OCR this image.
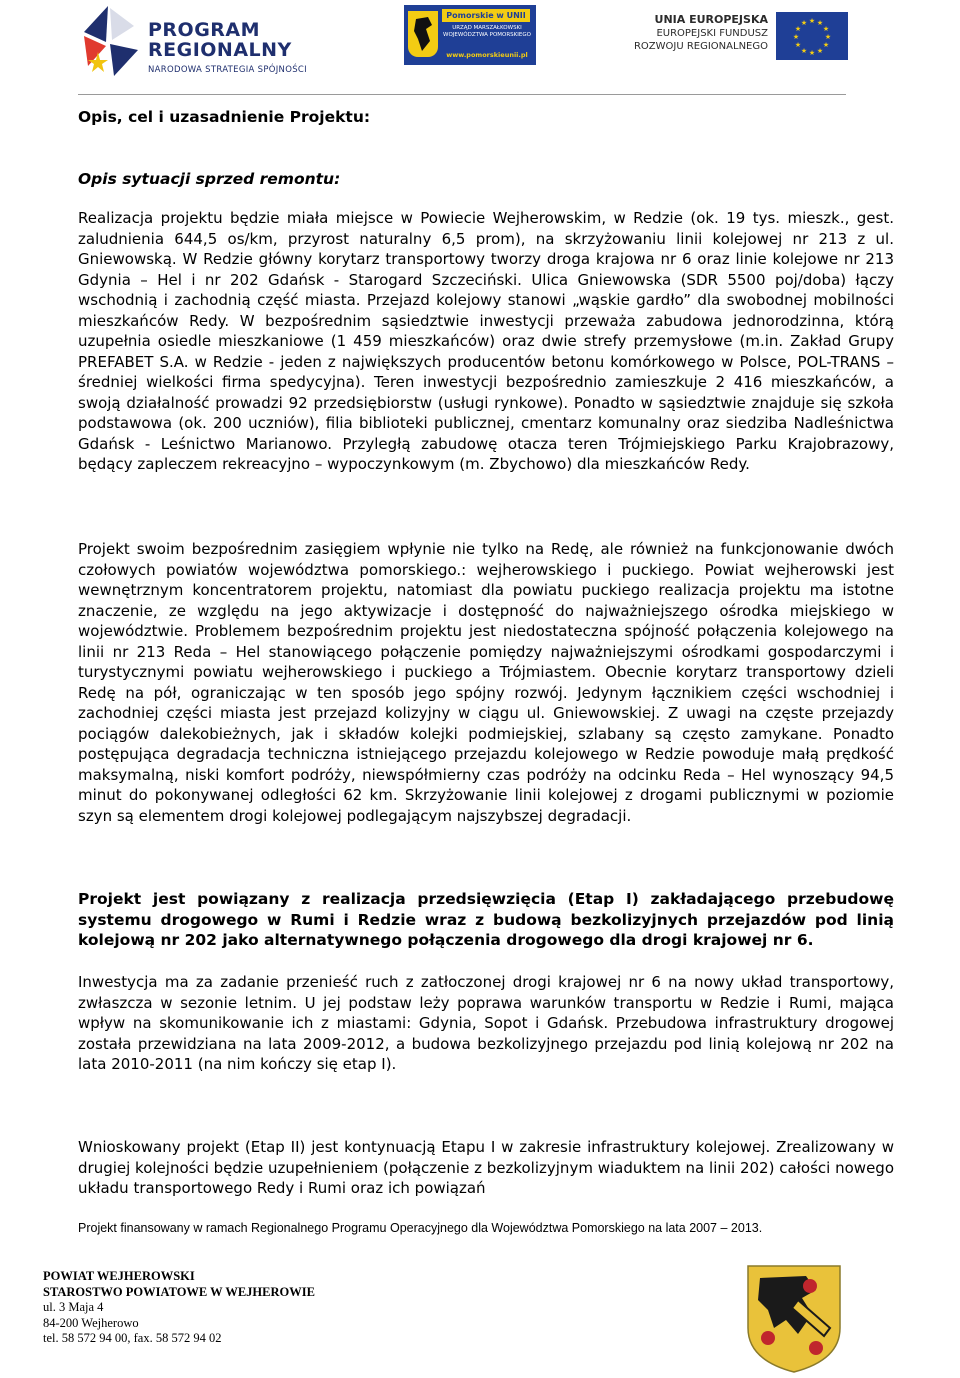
PROGRAM
REGIONALNY
NARODOWA STRATEGIA SPÓJNOŚCI
Pomorskie w UNII
URZĄD MARSZAŁKOWSKI WOJEWÓDZTWA POMORSKIEGO
www.pomorskieunii.pl
UNIA EUROPEJSKA
EUROPEJSKI FUNDUSZ
ROZWOJU REGIONALNEGO
★ ★
★
★
★
★
★
★
★
★
★
★
Opis, cel i uzasadnienie Projektu:
Opis sytuacji sprzed remontu:

Realizacja projektu będzie miała miejsce w Powiecie Wejherowskim, w Redzie (ok. 19 tys. mieszk., gest. zaludnienia 644,5 os/km, przyrost naturalny 6,5 prom), na skrzyżowaniu linii kolejowej nr 213 z ul. Gniewowską. W Redzie główny korytarz transportowy tworzy droga krajowa nr 6 oraz linie kolejowe nr 213 Gdynia – Hel i nr 202 Gdańsk - Starogard Szczeciński. Ulica Gniewowska (SDR 5500 poj/doba) łączy wschodnią i zachodnią część miasta. Przejazd kolejowy stanowi „wąskie gardło” dla swobodnej mobilności mieszkańców Redy. W bezpośrednim sąsiedztwie inwestycji przeważa zabudowa jednorodzinna, którą uzupełnia osiedle mieszkaniowe (1 459 mieszkańców) oraz dwie strefy przemysłowe (m.in. Zakład Grupy PREFABET S.A. w Redzie - jeden z największych producentów betonu komórkowego w Polsce, POL-TRANS – średniej wielkości firma spedycyjna). Teren inwestycji bezpośrednio zamieszkuje 2 416 mieszkańców, a swoją działalność prowadzi 92 przedsiębiorstw (usługi rynkowe). Ponadto w sąsiedztwie znajduje się szkoła podstawowa (ok. 200 uczniów), filia biblioteki publicznej, cmentarz komunalny oraz siedziba Nadleśnictwa Gdańsk - Leśnictwo Marianowo. Przyległą zabudowę otacza teren Trójmiejskiego Parku Krajobrazowy, będący zapleczem rekreacyjno – wypoczynkowym (m. Zbychowo) dla mieszkańców Redy.

Projekt swoim bezpośrednim zasięgiem wpłynie nie tylko na Redę, ale również na funkcjonowanie dwóch czołowych powiatów województwa pomorskiego.: wejherowskiego i puckiego. Powiat wejherowski jest wewnętrznym koncentratorem projektu, natomiast dla powiatu puckiego realizacja projektu ma istotne znaczenie, ze względu na jego aktywizacje i dostępność do najważniejszego ośrodka miejskiego w województwie. Problemem bezpośrednim projektu jest niedostateczna spójność połączenia kolejowego na linii nr 213 Reda – Hel stanowiącego połączenie pomiędzy najważniejszymi ośrodkami gospodarczymi i turystycznymi powiatu wejherowskiego i puckiego a Trójmiastem. Obecnie korytarz transportowy dzieli Redę na pół, ograniczając w ten sposób jego spójny rozwój. Jedynym łącznikiem części wschodniej i zachodniej części miasta jest przejazd kolizyjny w ciągu ul. Gniewowskiej. Z uwagi na częste przejazdy pociągów dalekobieżnych, jak i składów kolejki podmiejskiej, szlabany są często zamykane. Ponadto postępująca degradacja techniczna istniejącego przejazdu kolejowego w Redzie powoduje małą prędkość maksymalną, niski komfort podróży, niewspółmierny czas podróży na odcinku Reda – Hel wynoszący 94,5 minut do pokonywanej odległości 62 km. Skrzyżowanie linii kolejowej z drogami publicznymi w poziomie szyn są elementem drogi kolejowej podlegającym najszybszej degradacji.

Projekt jest powiązany z realizacja przedsięwzięcia (Etap I) zakładającego przebudowę systemu drogowego w Rumi i Redzie wraz z budową bezkolizyjnych przejazdów pod linią kolejową nr 202 jako alternatywnego połączenia drogowego dla drogi krajowej nr 6.

Inwestycja ma za zadanie przenieść ruch z zatłoczonej drogi krajowej nr 6 na nowy układ transportowy, zwłaszcza w sezonie letnim. U jej podstaw leży poprawa warunków transportu w Redzie i Rumi, mająca wpływ na skomunikowanie ich z miastami: Gdynia, Sopot i Gdańsk. Przebudowa infrastruktury drogowej została przewidziana na lata 2009-2012, a budowa bezkolizyjnego przejazdu pod linią kolejową nr 202 na lata 2010-2011 (na nim kończy się etap I).

Wnioskowany projekt (Etap II) jest kontynuacją Etapu I w zakresie infrastruktury kolejowej. Zrealizowany w drugiej kolejności będzie uzupełnieniem (połączenie z bezkolizyjnym wiaduktem na linii 202) całości nowego układu transportowego Redy i Rumi oraz ich powiązań

Projekt finansowany w ramach Regionalnego Programu Operacyjnego dla Województwa Pomorskiego na lata 2007 – 2013.
POWIAT WEJHEROWSKI
STAROSTWO POWIATOWE W WEJHEROWIE
ul. 3 Maja 4
84-200 Wejherowo
tel. 58 572 94 00, fax. 58 572 94 02
